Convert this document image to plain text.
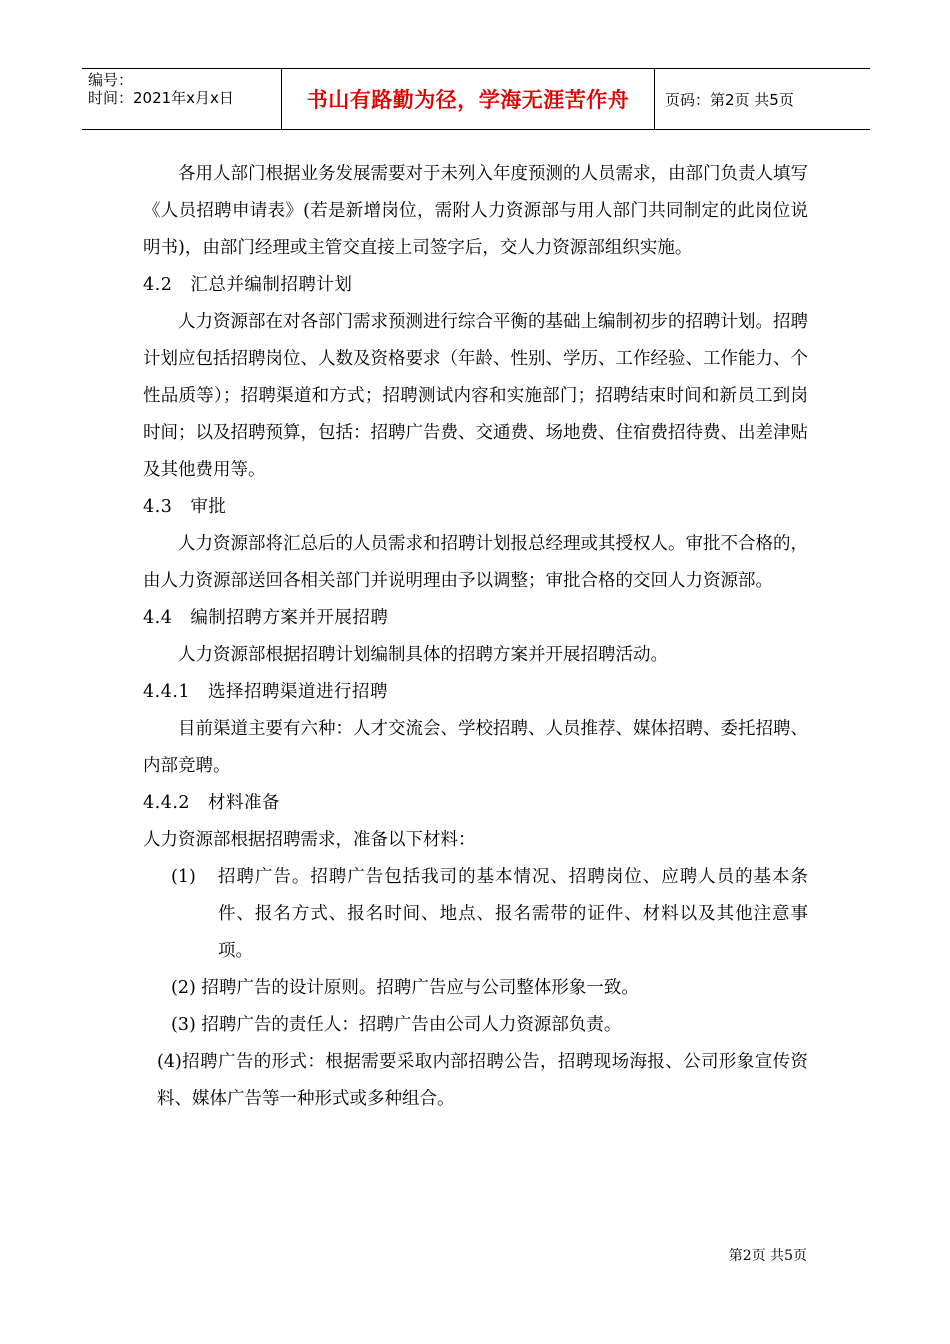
编号：
时间：2021年x月x日	书山有路勤为径，学海无涯苦作舟 页码：第2页 共5页

各用人部门根据业务发展需要对于未列入年度预测的人员需求，由部门负责人填写《人员招聘申请表》(若是新增岗位，需附人力资源部与用人部门共同制定的此岗位说明书)，由部门经理或主管交直接上司签字后，交人力资源部组织实施。

4.2　汇总并编制招聘计划

人力资源部在对各部门需求预测进行综合平衡的基础上编制初步的招聘计划。招聘计划应包括招聘岗位、人数及资格要求（年龄、性别、学历、工作经验、工作能力、个性品质等）；招聘渠道和方式；招聘测试内容和实施部门；招聘结束时间和新员工到岗时间；以及招聘预算，包括：招聘广告费、交通费、场地费、住宿费招待费、出差津贴及其他费用等。

4.3　审批

人力资源部将汇总后的人员需求和招聘计划报总经理或其授权人。审批不合格的，由人力资源部送回各相关部门并说明理由予以调整；审批合格的交回人力资源部。

4.4　编制招聘方案并开展招聘

人力资源部根据招聘计划编制具体的招聘方案并开展招聘活动。

4.4.1　选择招聘渠道进行招聘

目前渠道主要有六种：人才交流会、学校招聘、人员推荐、媒体招聘、委托招聘、内部竞聘。

4.4.2　材料准备

人力资源部根据招聘需求，准备以下材料：

(1)	招聘广告。招聘广告包括我司的基本情况、招聘岗位、应聘人员的基本条件、报名方式、报名时间、地点、报名需带的证件、材料以及其他注意事项。

(2) 招聘广告的设计原则。招聘广告应与公司整体形象一致。

(3) 招聘广告的责任人：招聘广告由公司人力资源部负责。

(4)招聘广告的形式：根据需要采取内部招聘公告，招聘现场海报、公司形象宣传资料、媒体广告等一种形式或多种组合。

第2页 共5页
